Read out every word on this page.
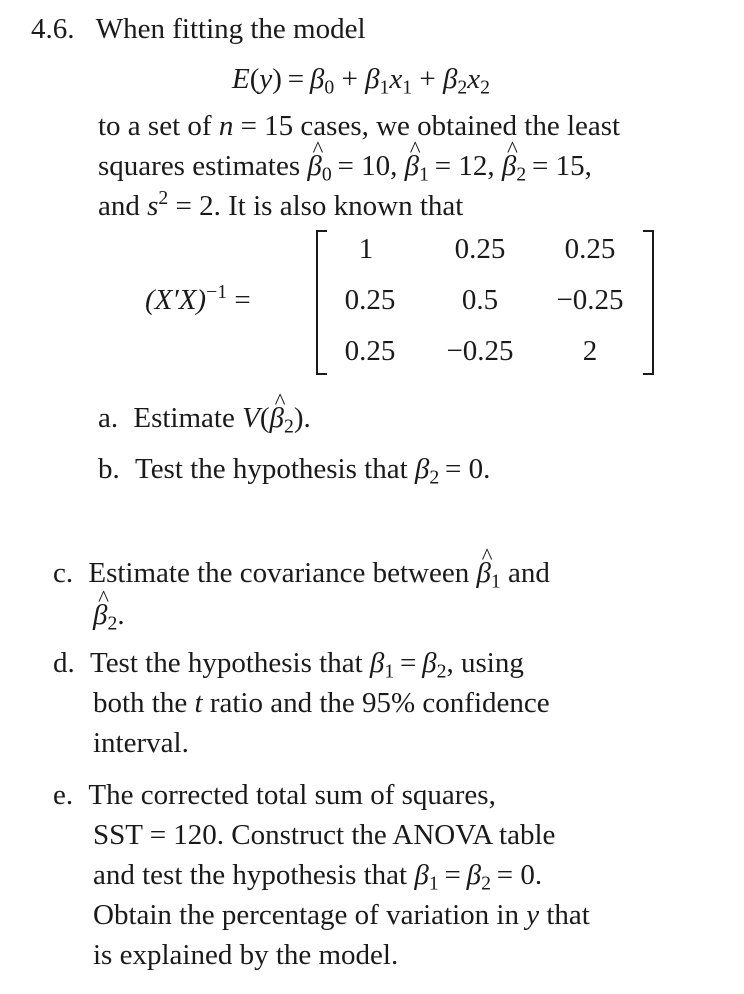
4.6. When fitting the model
$E(y) = \beta_0 + \beta_1x_1 + \beta_2x_2$
to a set of n = 15 cases, we obtained the least
squares estimates ^ $\beta_0 = 10$, ^ $\beta_1 = 12$, ^ $\beta_2 = 15$,
and $s^2 = 2$. It is also known that
$(X'X)^{-1}$ =
1	0.25	0.25
0.25	0.5	−0.25
0.25	−0.25	2
a. Estimate V(^ $\beta_2$).
b. Test the hypothesis that $\beta_2 = 0$.
c. Estimate the covariance between ^ $\beta_1$ and
^ $\beta_2$.
d. Test the hypothesis that $\beta_1 = \beta_2$, using
both the t ratio and the 95% confidence
interval.
e. The corrected total sum of squares,
SST = 120. Construct the ANOVA table
and test the hypothesis that $\beta_1 = \beta_2 = 0$.
Obtain the percentage of variation in y that
is explained by the model.
